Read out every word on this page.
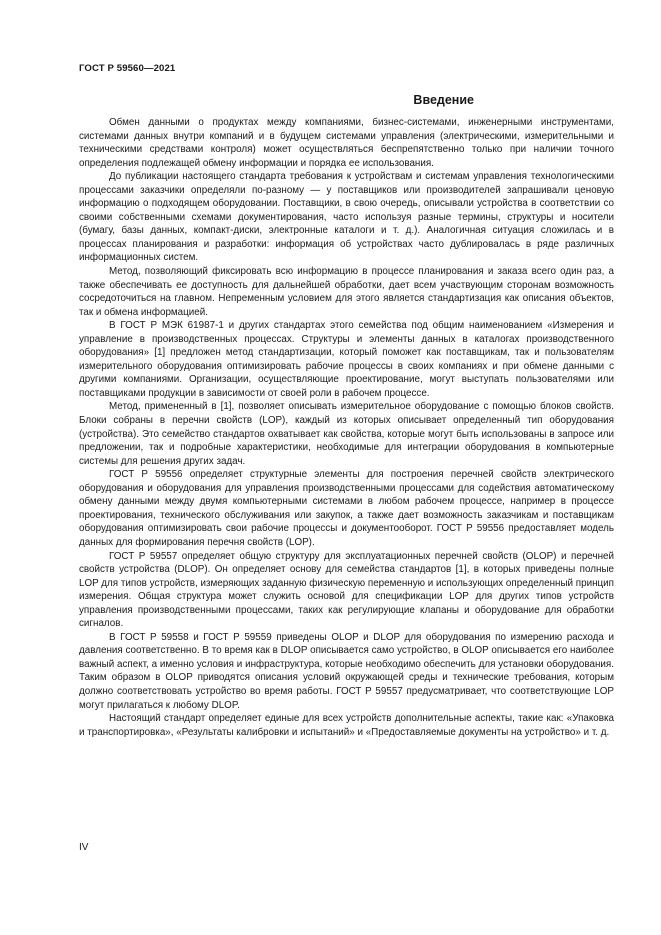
ГОСТ Р 59560—2021
Введение

Обмен данными о продуктах между компаниями, бизнес-системами, инженерными инструментами, системами данных внутри компаний и в будущем системами управления (электрическими, измерительными и техническими средствами контроля) может осуществляться беспрепятственно только при наличии точного определения подлежащей обмену информации и порядка ее использования.

До публикации настоящего стандарта требования к устройствам и системам управления технологическими процессами заказчики определяли по-разному — у поставщиков или производителей запрашивали ценовую информацию о подходящем оборудовании. Поставщики, в свою очередь, описывали устройства в соответствии со своими собственными схемами документирования, часто используя разные термины, структуры и носители (бумагу, базы данных, компакт-диски, электронные каталоги и т. д.). Аналогичная ситуация сложилась и в процессах планирования и разработки: информация об устройствах часто дублировалась в ряде различных информационных систем.

Метод, позволяющий фиксировать всю информацию в процессе планирования и заказа всего один раз, а также обеспечивать ее доступность для дальнейшей обработки, дает всем участвующим сторонам возможность сосредоточиться на главном. Непременным условием для этого является стандартизация как описания объектов, так и обмена информацией.

В ГОСТ Р МЭК 61987-1 и других стандартах этого семейства под общим наименованием «Измерения и управление в производственных процессах. Структуры и элементы данных в каталогах производственного оборудования» [1] предложен метод стандартизации, который поможет как поставщикам, так и пользователям измерительного оборудования оптимизировать рабочие процессы в своих компаниях и при обмене данными с другими компаниями. Организации, осуществляющие проектирование, могут выступать пользователями или поставщиками продукции в зависимости от своей роли в рабочем процессе.

Метод, примененный в [1], позволяет описывать измерительное оборудование с помощью блоков свойств. Блоки собраны в перечни свойств (LOP), каждый из которых описывает определенный тип оборудования (устройства). Это семейство стандартов охватывает как свойства, которые могут быть использованы в запросе или предложении, так и подробные характеристики, необходимые для интеграции оборудования в компьютерные системы для решения других задач.

ГОСТ Р 59556 определяет структурные элементы для построения перечней свойств электрического оборудования и оборудования для управления производственными процессами для содействия автоматическому обмену данными между двумя компьютерными системами в любом рабочем процессе, например в процессе проектирования, технического обслуживания или закупок, а также дает возможность заказчикам и поставщикам оборудования оптимизировать свои рабочие процессы и документооборот. ГОСТ Р 59556 предоставляет модель данных для формирования перечня свойств (LOP).

ГОСТ Р 59557 определяет общую структуру для эксплуатационных перечней свойств (OLOP) и перечней свойств устройства (DLOP). Он определяет основу для семейства стандартов [1], в которых приведены полные LOP для типов устройств, измеряющих заданную физическую переменную и использующих определенный принцип измерения. Общая структура может служить основой для спецификации LOP для других типов устройств управления производственными процессами, таких как регулирующие клапаны и оборудование для обработки сигналов.

В ГОСТ Р 59558 и ГОСТ Р 59559 приведены OLOP и DLOP для оборудования по измерению расхода и давления соответственно. В то время как в DLOP описывается само устройство, в OLOP описывается его наиболее важный аспект, а именно условия и инфраструктура, которые необходимо обеспечить для установки оборудования. Таким образом в OLOP приводятся описания условий окружающей среды и технические требования, которым должно соответствовать устройство во время работы. ГОСТ Р 59557 предусматривает, что соответствующие LOP могут прилагаться к любому DLOP.

Настоящий стандарт определяет единые для всех устройств дополнительные аспекты, такие как: «Упаковка и транспортировка», «Результаты калибровки и испытаний» и «Предоставляемые документы на устройство» и т. д.

IV
